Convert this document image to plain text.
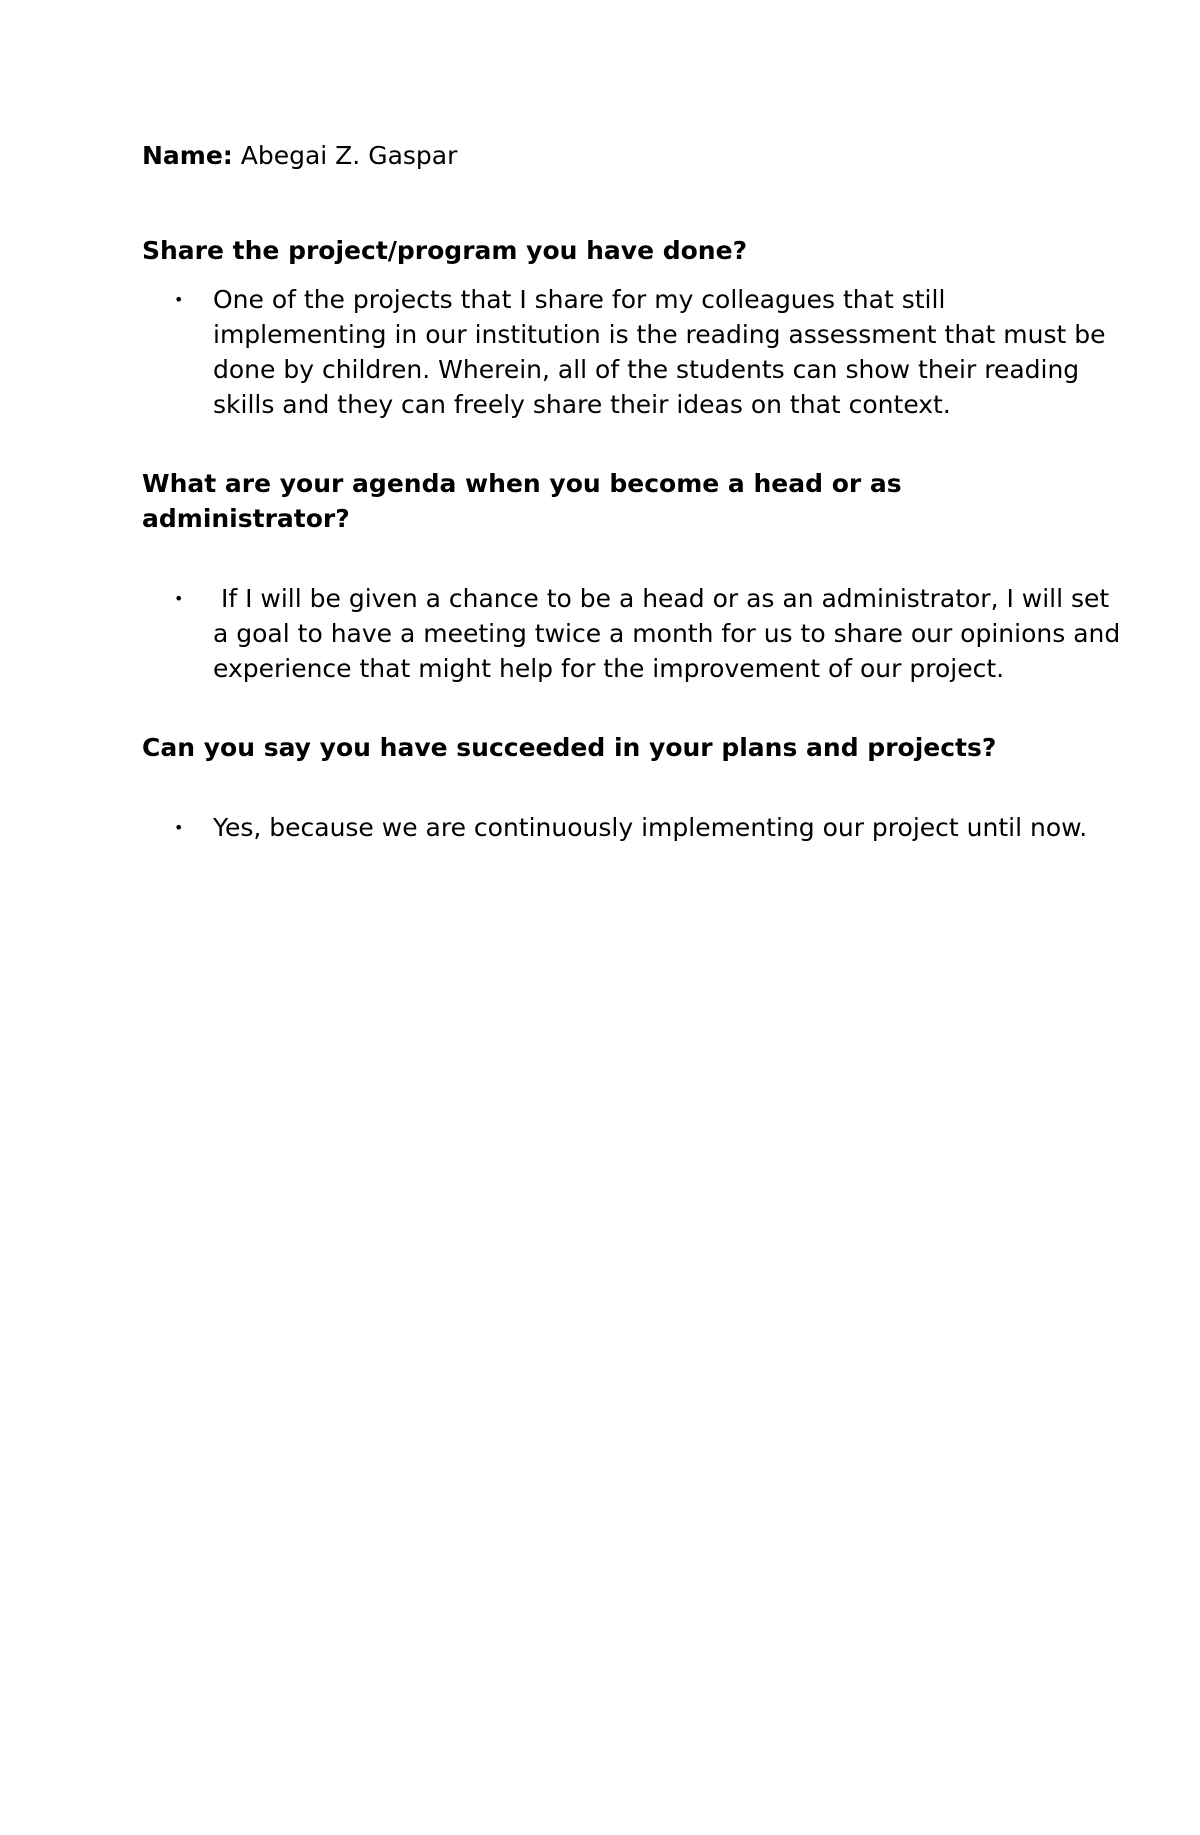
Name: Abegai Z. Gaspar

Share the project/program you have done?

• One of the projects that I share for my colleagues that still implementing in our institution is the reading assessment that must be done by children. Wherein, all of the students can show their reading skills and they can freely share their ideas on that context.

What are your agenda when you become a head or as administrator?

• If I will be given a chance to be a head or as an administrator, I will set a goal to have a meeting twice a month for us to share our opinions and experience that might help for the improvement of our project.

Can you say you have succeeded in your plans and projects?

• Yes, because we are continuously implementing our project until now.
